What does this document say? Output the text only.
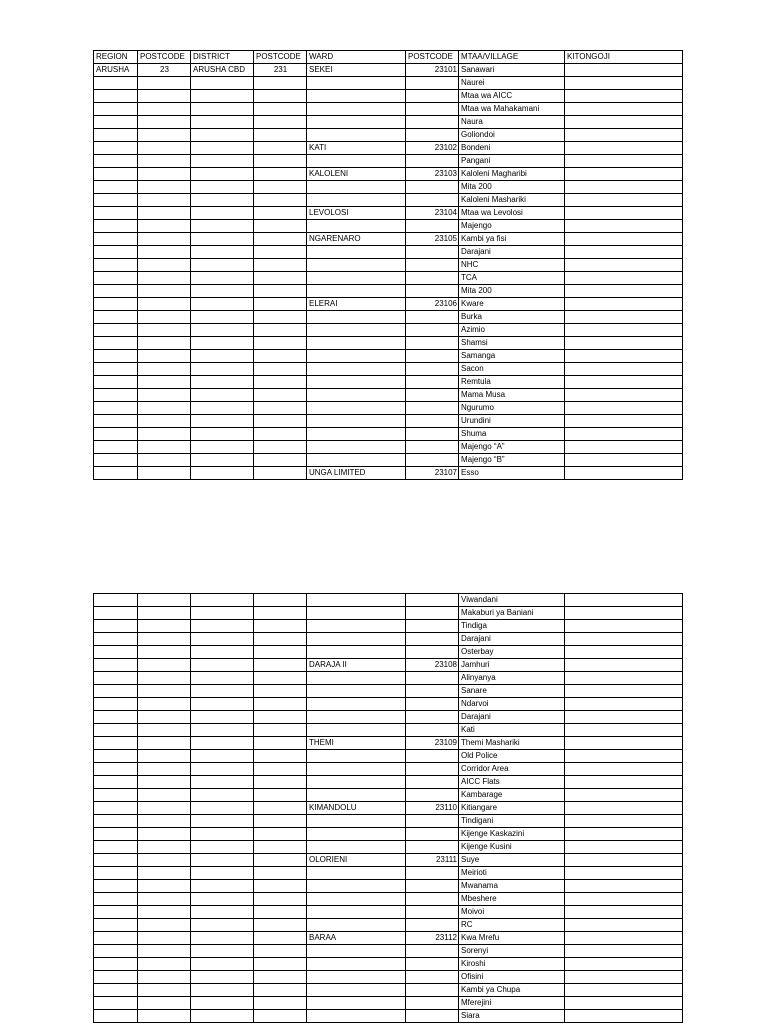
REGION	POSTCODE	DISTRICT	POSTCODE	WARD	POSTCODE	MTAA/VILLAGE	KITONGOJI
ARUSHA	23	ARUSHA CBD	231	SEKEI	23101	Sanawari	
						Naurei	
						Mtaa wa AICC	
						Mtaa wa Mahakamani	
						Naura	
						Goliondoi	
				KATI	23102	Bondeni	
						Pangani	
				KALOLENI	23103	Kaloleni Magharibi	
						Mita 200	
						Kaloleni Mashariki	
				LEVOLOSI	23104	Mtaa wa Levolosi	
						Majengo	
				NGARENARO	23105	Kambi ya fisi	
						Darajani	
						NHC	
						TCA	
						Mita 200	
				ELERAI	23106	Kware	
						Burka	
						Azimio	
						Shamsi	
						Samanga	
						Sacon	
						Remtula	
						Mama Musa	
						Ngurumo	
						Urundini	
						Shuma	
						Majengo “A”	
						Majengo “B”	
				UNGA LIMITED	23107	Esso	
						Viwandani	
						Makaburi ya Baniani	
						Tindiga	
						Darajani	
						Osterbay	
				DARAJA II	23108	Jamhuri	
						Alinyanya	
						Sanare	
						Ndarvoi	
						Darajani	
						Kati	
				THEMI	23109	Themi Mashariki	
						Old Police	
						Corridor Area	
						AICC Flats	
						Kambarage	
				KIMANDOLU	23110	Kitiangare	
						Tindigani	
						Kijenge Kaskazini	
						Kijenge Kusini	
				OLORIENI	23111	Suye	
						Meirioti	
						Mwanama	
						Mbeshere	
						Moivoi	
						RC	
				BARAA	23112	Kwa Mrefu	
						Sorenyi	
						Kiroshi	
						Ofisini	
						Kambi ya Chupa	
						Mferejini	
						Siara	
